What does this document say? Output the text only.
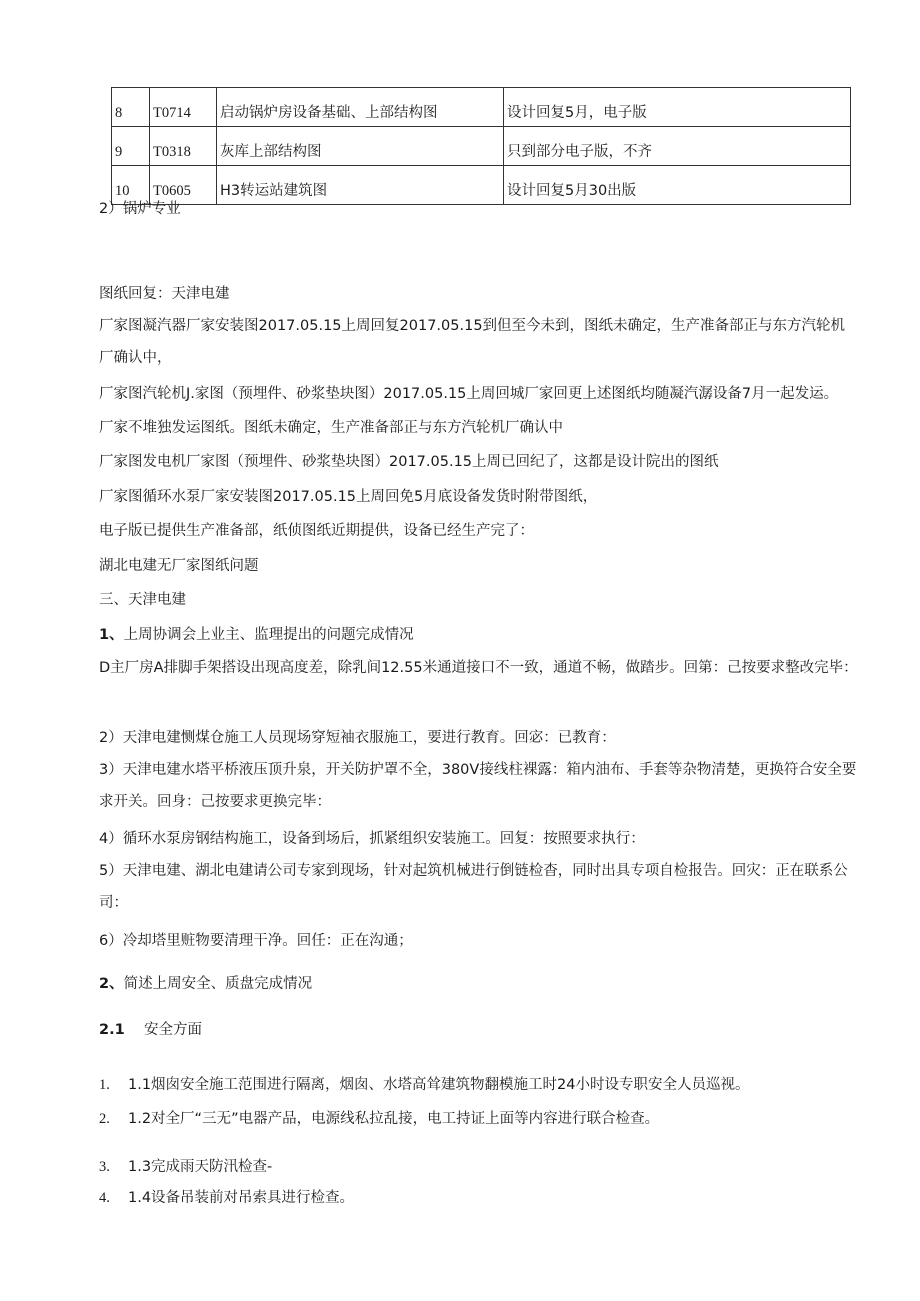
8	T0714	启动锅炉房设备基础、上部结构图	设计回复5月，电子版
9	T0318	灰库上部结构图	只到部分电子版，不齐
10	T0605	H3转运站建筑图	设计回复5月30出版
2）锅炉专业
图纸回复：天津电建
厂家图凝汽器厂家安装图2017.05.15上周回复2017.05.15到但至今未到，图纸未确定，生产准备部正与东方汽轮机厂确认中，
厂家图汽轮机J.家图（预埋件、砂浆垫块图）2017.05.15上周回城厂家回更上述图纸均随凝汽潺设备7月一起发运。
厂家不堆独发运图纸。图纸未确定，生产准备部正与东方汽轮机厂确认中
厂家图发电机厂家图（预埋件、砂浆垫块图）2017.05.15上周已回纪了，这都是设计院出的图纸
厂家图循环水泵厂家安装图2017.05.15上周回免5月底设备发货时附带图纸，
电子版已提供生产准备部，纸侦图纸近期提供，设备已经生产完了：
湖北电建无厂家图纸问题
三、天津电建
1、上周协调会上业主、监理提出的问题完成情况
D主厂房A排脚手架搭设出现高度差，除乳间12.55米通道接口不一致，通道不畅，做踏步。回第：己按要求整改完毕：
2）天津电建恻煤仓施工人员现场穿短袖衣服施工，要进行教育。回宓：已教育：
3）天津电建水塔平桥液压顶升泉，开关防护罩不全，380V接线柱裸露：箱内油布、手套等杂物清楚，更换符合安全要求开关。回身：己按要求更换完毕：
4）循环水泵房钢结构施工，设备到场后，抓紧组织安装施工。回复：按照要求执行：
5）天津电建、湖北电建请公司专家到现场，针对起筑机械进行倒链检杳，同时出具专项自检报告。回灾：正在联系公司：
6）冷却塔里赃物要清理干净。回任：正在沟通；
2、简述上周安全、质盘完成情况
2.1 安全方面
1. 1.1烟囱安全施工范围进行隔离，烟囱、水塔高耸建筑物翻模施工时24小时设专职安全人员巡视。
2. 1.2对全厂“三无”电器产品，电源线私拉乱接，电工持证上面等内容进行联合检查。
3. 1.3完成雨天防汛检查-
4. 1.4设备吊装前对吊索具进行检查。
